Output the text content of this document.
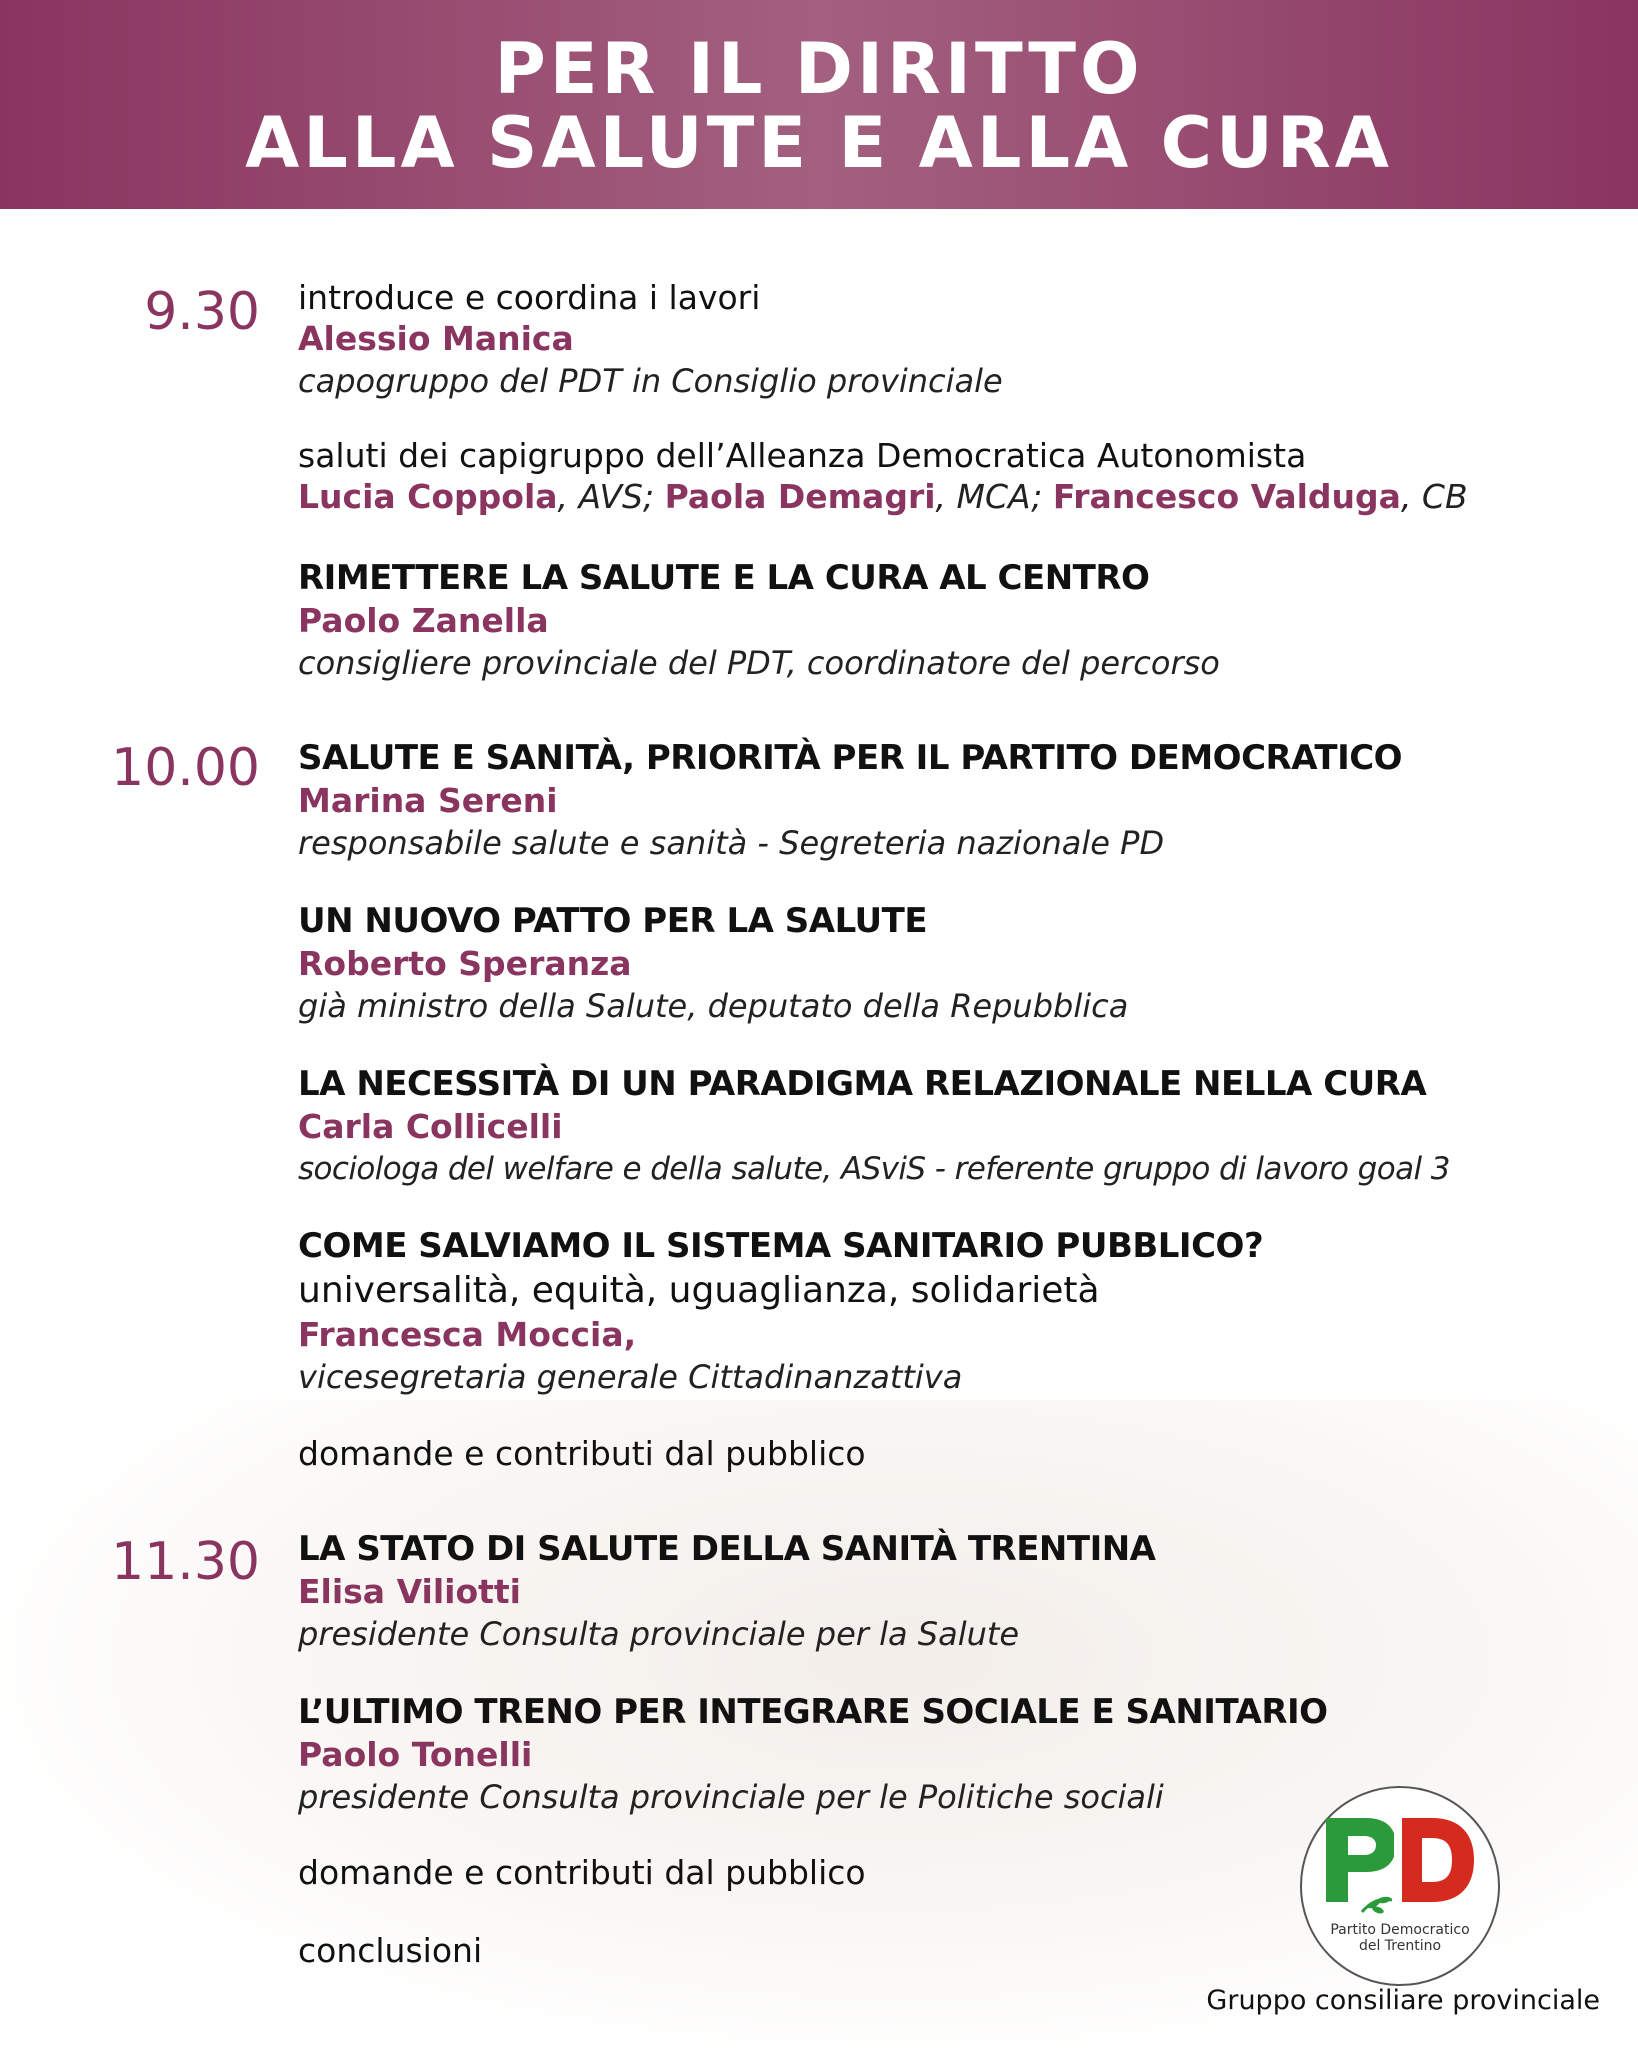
PER IL DIRITTO
ALLA SALUTE E ALLA CURA
9.30
10.00
11.30
introduce e coordina i lavori
Alessio Manica
capogruppo del PDT in Consiglio provinciale
saluti dei capigruppo dell’Alleanza Democratica Autonomista
Lucia Coppola, AVS; Paola Demagri, MCA; Francesco Valduga, CB
RIMETTERE LA SALUTE E LA CURA AL CENTRO
Paolo Zanella
consigliere provinciale del PDT, coordinatore del percorso
SALUTE E SANITÀ, PRIORITÀ PER IL PARTITO DEMOCRATICO
Marina Sereni
responsabile salute e sanità - Segreteria nazionale PD
UN NUOVO PATTO PER LA SALUTE
Roberto Speranza
già ministro della Salute, deputato della Repubblica
LA NECESSITÀ DI UN PARADIGMA RELAZIONALE NELLA CURA
Carla Collicelli
sociologa del welfare e della salute, ASviS - referente gruppo di lavoro goal 3
COME SALVIAMO IL SISTEMA SANITARIO PUBBLICO?
universalità, equità, uguaglianza, solidarietà
Francesca Moccia,
vicesegretaria generale Cittadinanzattiva
domande e contributi dal pubblico
LA STATO DI SALUTE DELLA SANITÀ TRENTINA
Elisa Viliotti
presidente Consulta provinciale per la Salute
L’ULTIMO TRENO PER INTEGRARE SOCIALE E SANITARIO
Paolo Tonelli
presidente Consulta provinciale per le Politiche sociali
domande e contributi dal pubblico
conclusioni
Partito Democratico
del Trentino
Gruppo consiliare provinciale
